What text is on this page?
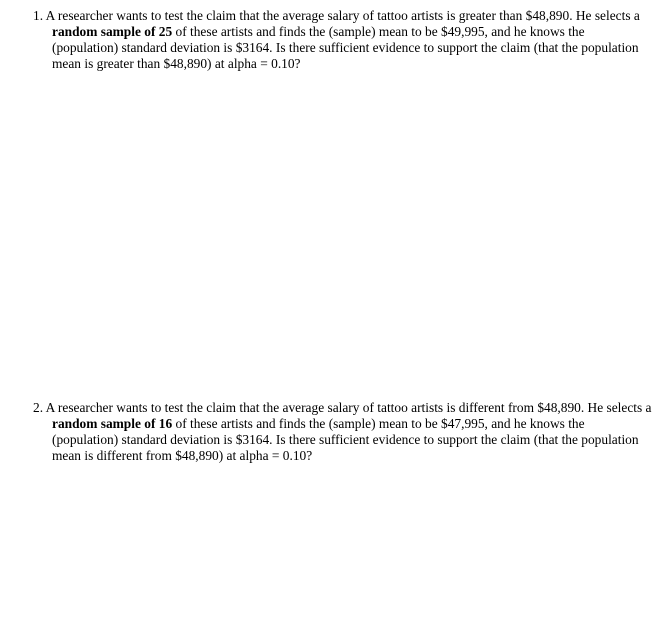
1. A researcher wants to test the claim that the average salary of tattoo artists is greater than $48,890. He selects a random sample of 25 of these artists and finds the (sample) mean to be $49,995, and he knows the (population) standard deviation is $3164. Is there sufficient evidence to support the claim (that the population mean is greater than $48,890) at alpha = 0.10?

2. A researcher wants to test the claim that the average salary of tattoo artists is different from $48,890. He selects a random sample of 16 of these artists and finds the (sample) mean to be $47,995, and he knows the (population) standard deviation is $3164. Is there sufficient evidence to support the claim (that the population mean is different from $48,890) at alpha = 0.10?
